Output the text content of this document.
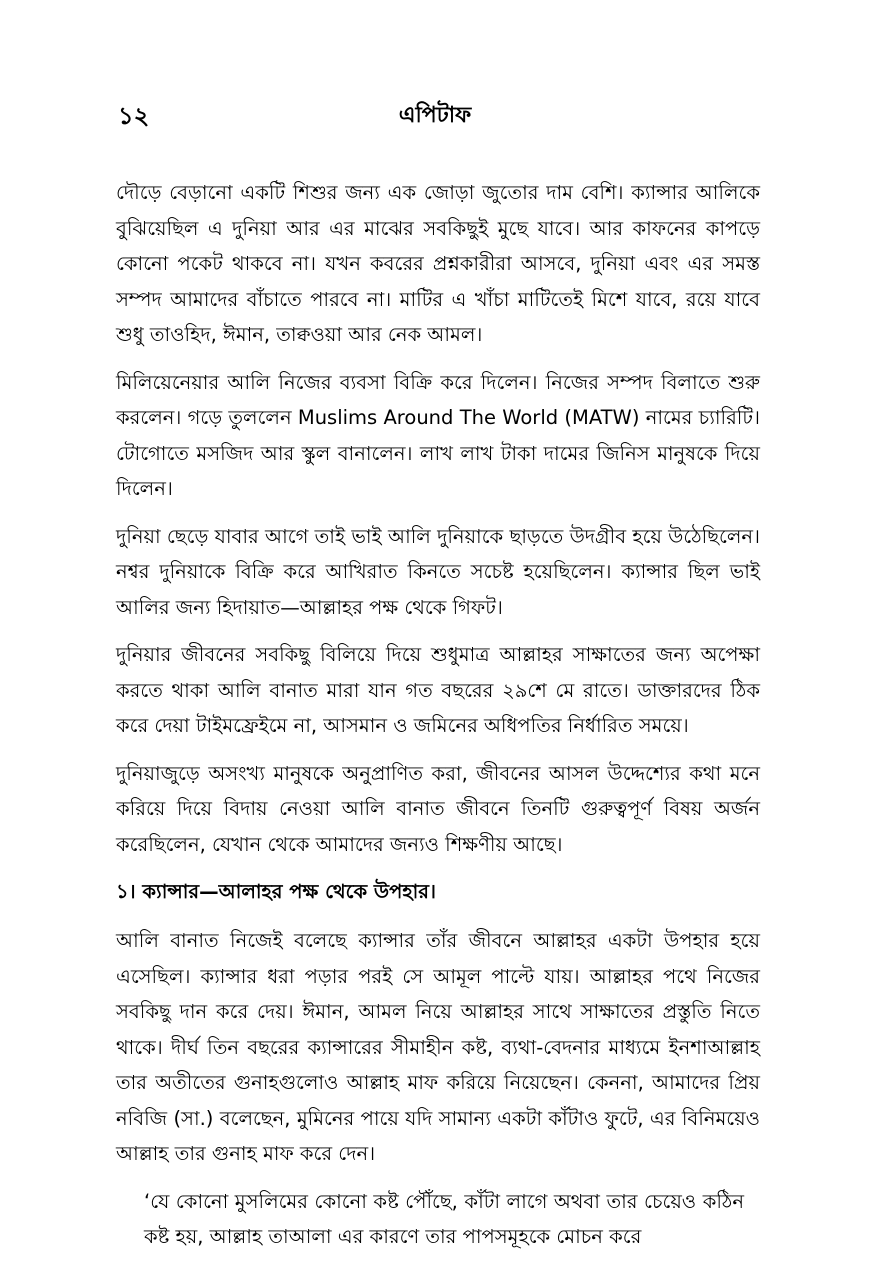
১২	এপিটাফ

দৌড়ে বেড়ানো একটি শিশুর জন্য এক জোড়া জুতোর দাম বেশি। ক্যান্সার আলিকে বুঝিয়েছিল এ দুনিয়া আর এর মাঝের সবকিছুই মুছে যাবে। আর কাফনের কাপড়ে কোনো পকেট থাকবে না। যখন কবরের প্রশ্নকারীরা আসবে, দুনিয়া এবং এর সমস্ত সম্পদ আমাদের বাঁচাতে পারবে না। মাটির এ খাঁচা মাটিতেই মিশে যাবে, রয়ে যাবে শুধু তাওহিদ, ঈমান, তাক্বওয়া আর নেক আমল।

মিলিয়েনেয়ার আলি নিজের ব্যবসা বিক্রি করে দিলেন। নিজের সম্পদ বিলাতে শুরু করলেন। গড়ে তুললেন Muslims Around The World (MATW) নামের চ্যারিটি। টোগোতে মসজিদ আর স্কুল বানালেন। লাখ লাখ টাকা দামের জিনিস মানুষকে দিয়ে দিলেন।

দুনিয়া ছেড়ে যাবার আগে তাই ভাই আলি দুনিয়াকে ছাড়তে উদগ্রীব হয়ে উঠেছিলেন। নশ্বর দুনিয়াকে বিক্রি করে আখিরাত কিনতে সচেষ্ট হয়েছিলেন। ক্যান্সার ছিল ভাই আলির জন্য হিদায়াত—আল্লাহর পক্ষ থেকে গিফট।

দুনিয়ার জীবনের সবকিছু বিলিয়ে দিয়ে শুধুমাত্র আল্লাহর সাক্ষাতের জন্য অপেক্ষা করতে থাকা আলি বানাত মারা যান গত বছরের ২৯শে মে রাতে। ডাক্তারদের ঠিক করে দেয়া টাইমফ্রেইমে না, আসমান ও জমিনের অধিপতির নির্ধারিত সময়ে।

দুনিয়াজুড়ে অসংখ্য মানুষকে অনুপ্রাণিত করা, জীবনের আসল উদ্দেশ্যের কথা মনে করিয়ে দিয়ে বিদায় নেওয়া আলি বানাত জীবনে তিনটি গুরুত্বপূর্ণ বিষয় অর্জন করেছিলেন, যেখান থেকে আমাদের জন্যও শিক্ষণীয় আছে।

১। ক্যান্সার—আলাহর পক্ষ থেকে উপহার।

আলি বানাত নিজেই বলেছে ক্যান্সার তাঁর জীবনে আল্লাহর একটা উপহার হয়ে এসেছিল। ক্যান্সার ধরা পড়ার পরই সে আমূল পাল্টে যায়। আল্লাহর পথে নিজের সবকিছু দান করে দেয়। ঈমান, আমল নিয়ে আল্লাহর সাথে সাক্ষাতের প্রস্তুতি নিতে থাকে। দীর্ঘ তিন বছরের ক্যান্সারের সীমাহীন কষ্ট, ব্যথা-বেদনার মাধ্যমে ইনশাআল্লাহ তার অতীতের গুনাহগুলোও আল্লাহ মাফ করিয়ে নিয়েছেন। কেননা, আমাদের প্রিয় নবিজি (সা.) বলেছেন, মুমিনের পায়ে যদি সামান্য একটা কাঁটাও ফুটে, এর বিনিময়েও আল্লাহ তার গুনাহ মাফ করে দেন।

‘যে কোনো মুসলিমের কোনো কষ্ট পৌঁছে, কাঁটা লাগে অথবা তার চেয়েও কঠিন কষ্ট হয়, আল্লাহ তাআলা এর কারণে তার পাপসমূহকে মোচন করে
